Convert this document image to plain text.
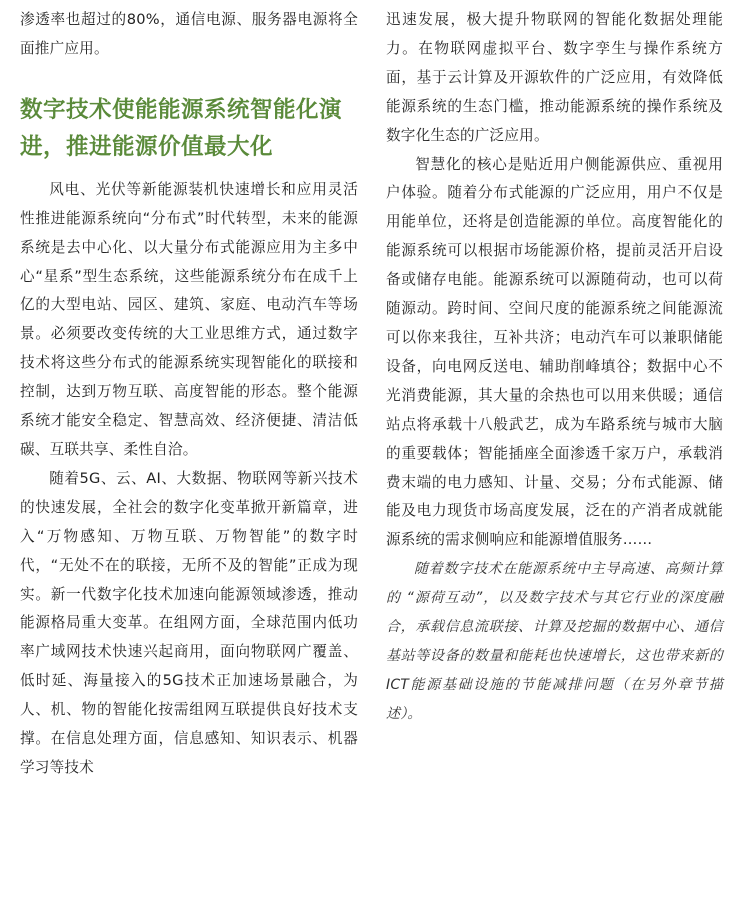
渗透率也超过的80%，通信电源、服务器电源将全面推广应用。

数字技术使能能源系统智能化演进，推进能源价值最大化

风电、光伏等新能源装机快速增长和应用灵活性推进能源系统向“分布式”时代转型，未来的能源系统是去中心化、以大量分布式能源应用为主多中心“星系”型生态系统，这些能源系统分布在成千上亿的大型电站、园区、建筑、家庭、电动汽车等场景。必须要改变传统的大工业思维方式，通过数字技术将这些分布式的能源系统实现智能化的联接和控制，达到万物互联、高度智能的形态。整个能源系统才能安全稳定、智慧高效、经济便捷、清洁低碳、互联共享、柔性自洽。

随着5G、云、AI、大数据、物联网等新兴技术的快速发展，全社会的数字化变革掀开新篇章，进入“万物感知、万物互联、万物智能”的数字时代，“无处不在的联接，无所不及的智能”正成为现实。新一代数字化技术加速向能源领域渗透，推动能源格局重大变革。在组网方面，全球范围内低功率广域网技术快速兴起商用，面向物联网广覆盖、低时延、海量接入的5G技术正加速场景融合，为人、机、物的智能化按需组网互联提供良好技术支撑。在信息处理方面，信息感知、知识表示、机器学习等技术

迅速发展，极大提升物联网的智能化数据处理能力。在物联网虚拟平台、数字孪生与操作系统方面，基于云计算及开源软件的广泛应用，有效降低能源系统的生态门槛，推动能源系统的操作系统及数字化生态的广泛应用。

智慧化的核心是贴近用户侧能源供应、重视用户体验。随着分布式能源的广泛应用，用户不仅是用能单位，还将是创造能源的单位。高度智能化的能源系统可以根据市场能源价格，提前灵活开启设备或储存电能。能源系统可以源随荷动，也可以荷随源动。跨时间、空间尺度的能源系统之间能源流可以你来我往，互补共济；电动汽车可以兼职储能设备，向电网反送电、辅助削峰填谷；数据中心不光消费能源，其大量的余热也可以用来供暖；通信站点将承载十八般武艺，成为车路系统与城市大脑的重要载体；智能插座全面渗透千家万户，承载消费末端的电力感知、计量、交易；分布式能源、储能及电力现货市场高度发展，泛在的产消者成就能源系统的需求侧响应和能源增值服务……

随着数字技术在能源系统中主导高速、高频计算的 “源荷互动”，以及数字技术与其它行业的深度融合，承载信息流联接、计算及挖掘的数据中心、通信基站等设备的数量和能耗也快速增长，这也带来新的ICT能源基础设施的节能减排问题（在另外章节描述）。
